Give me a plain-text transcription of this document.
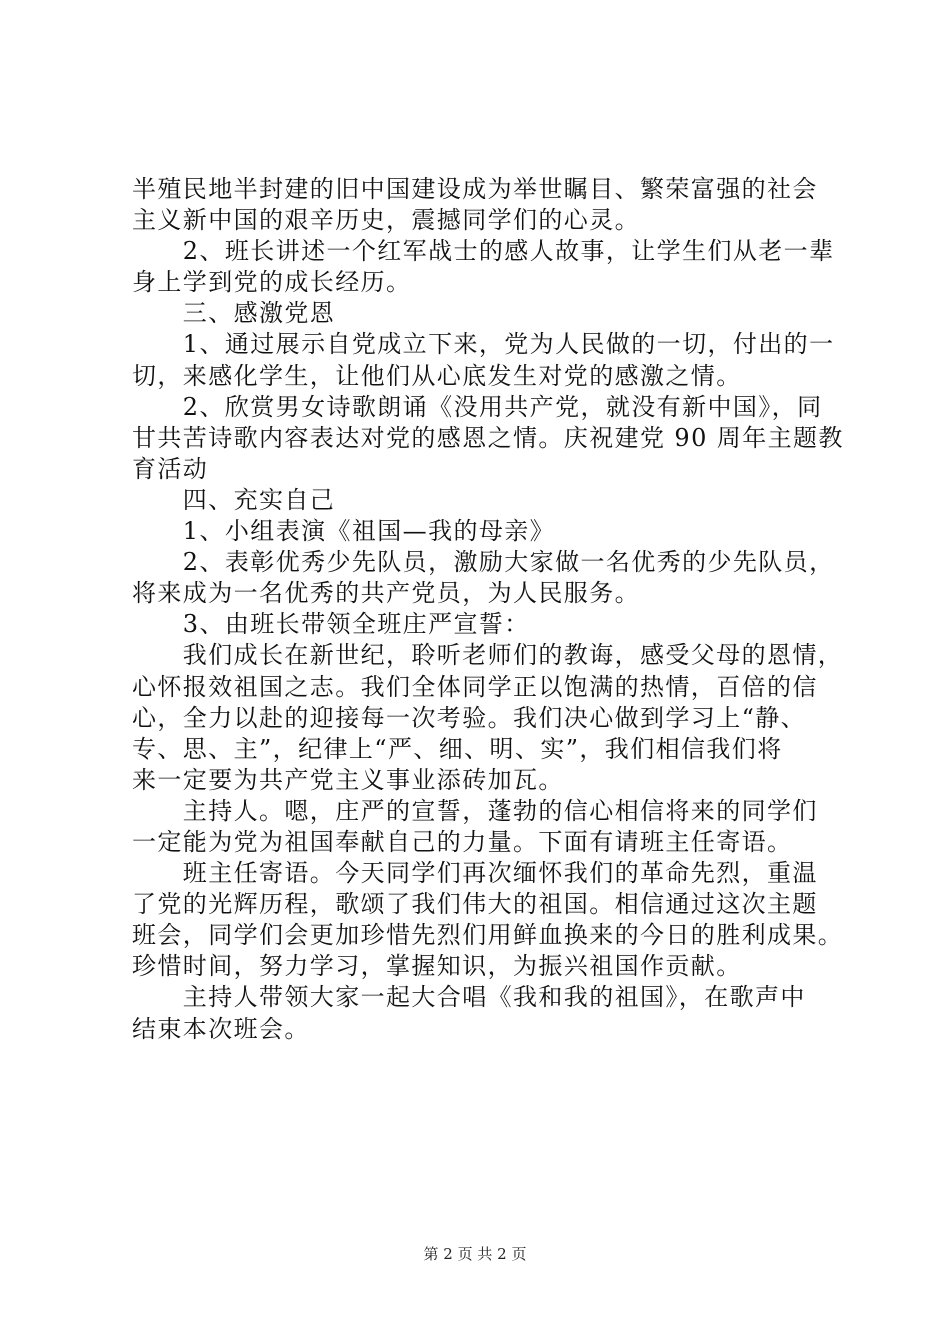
半殖民地半封建的旧中国建设成为举世瞩目、繁荣富强的社会
主义新中国的艰辛历史，震撼同学们的心灵。

　　2、班长讲述一个红军战士的感人故事，让学生们从老一辈
身上学到党的成长经历。

　　三、感激党恩

　　1、通过展示自党成立下来，党为人民做的一切，付出的一
切，来感化学生，让他们从心底发生对党的感激之情。

　　2、欣赏男女诗歌朗诵《没用共产党，就没有新中国》，同
甘共苦诗歌内容表达对党的感恩之情。庆祝建党 90 周年主题教
育活动

　　四、充实自己

　　1、小组表演《祖国—我的母亲》

　　2、表彰优秀少先队员，激励大家做一名优秀的少先队员，
将来成为一名优秀的共产党员，为人民服务。

　　3、由班长带领全班庄严宣誓：

　　我们成长在新世纪，聆听老师们的教诲，感受父母的恩情，
心怀报效祖国之志。我们全体同学正以饱满的热情，百倍的信
心，全力以赴的迎接每一次考验。我们决心做到学习上“静、
专、思、主”，纪律上“严、细、明、实”，我们相信我们将
来一定要为共产党主义事业添砖加瓦。

　　主持人。嗯，庄严的宣誓，蓬勃的信心相信将来的同学们
一定能为党为祖国奉献自己的力量。下面有请班主任寄语。

　　班主任寄语。今天同学们再次缅怀我们的革命先烈，重温
了党的光辉历程，歌颂了我们伟大的祖国。相信通过这次主题
班会，同学们会更加珍惜先烈们用鲜血换来的今日的胜利成果。
珍惜时间，努力学习，掌握知识，为振兴祖国作贡献。

　　主持人带领大家一起大合唱《我和我的祖国》，在歌声中
结束本次班会。

第 2 页 共 2 页
